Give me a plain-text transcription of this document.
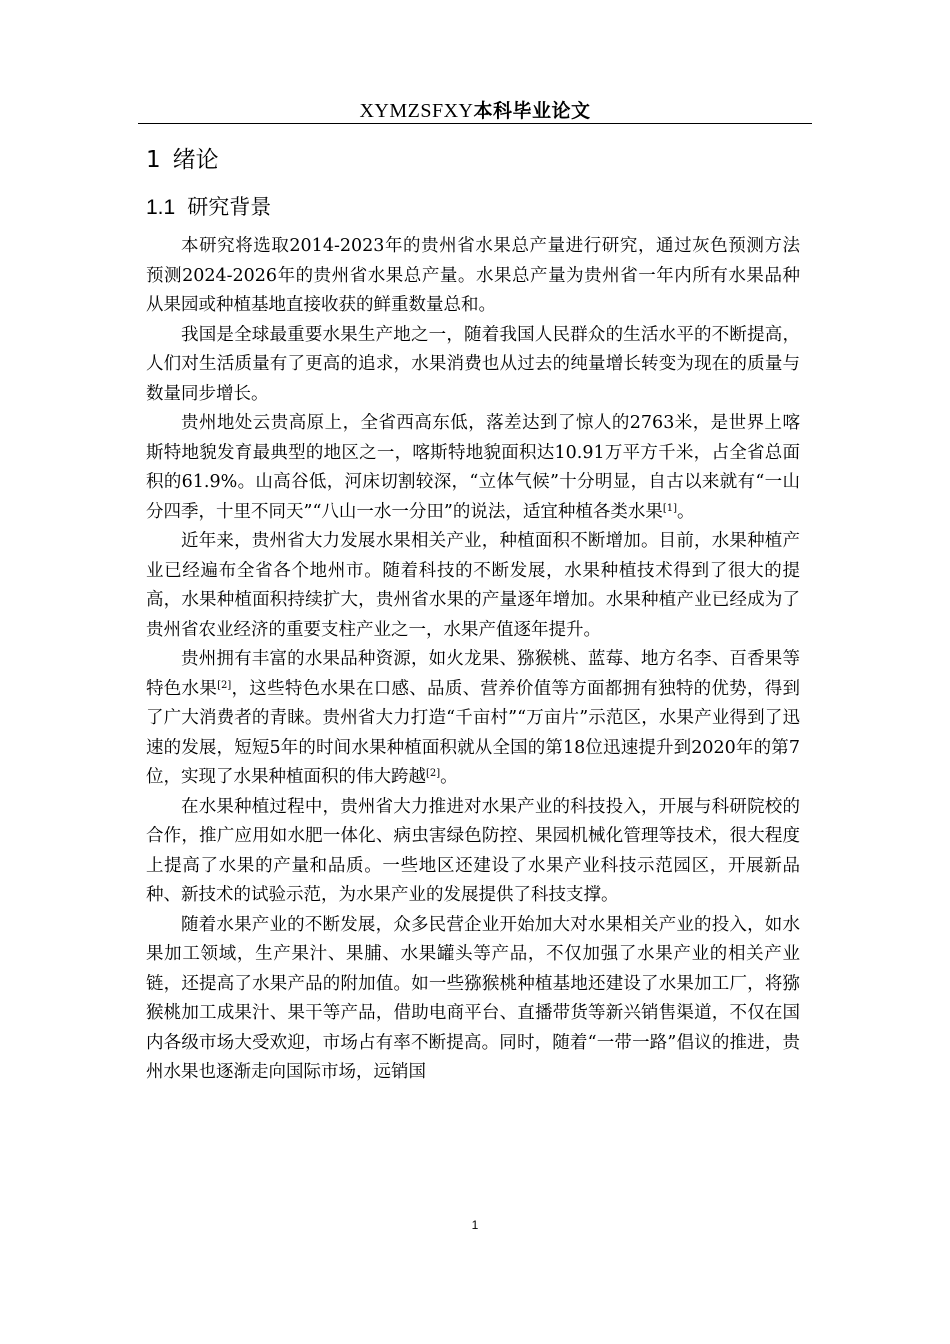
XYMZSFXY本科毕业论文
1 绪论
1.1 研究背景

本研究将选取2014-2023年的贵州省水果总产量进行研究，通过灰色预测方法预测2024-2026年的贵州省水果总产量。水果总产量为贵州省一年内所有水果品种从果园或种植基地直接收获的鲜重数量总和。

我国是全球最重要水果生产地之一，随着我国人民群众的生活水平的不断提高，人们对生活质量有了更高的追求，水果消费也从过去的纯量增长转变为现在的质量与数量同步增长。

贵州地处云贵高原上，全省西高东低，落差达到了惊人的2763米，是世界上喀斯特地貌发育最典型的地区之一，喀斯特地貌面积达10.91万平方千米，占全省总面积的61.9%。山高谷低，河床切割较深，“立体气候”十分明显，自古以来就有“一山分四季，十里不同天”“八山一水一分田”的说法，适宜种植各类水果[1]。

近年来，贵州省大力发展水果相关产业，种植面积不断增加。目前，水果种植产业已经遍布全省各个地州市。随着科技的不断发展，水果种植技术得到了很大的提高，水果种植面积持续扩大，贵州省水果的产量逐年增加。水果种植产业已经成为了贵州省农业经济的重要支柱产业之一，水果产值逐年提升。

贵州拥有丰富的水果品种资源，如火龙果、猕猴桃、蓝莓、地方名李、百香果等特色水果[2]，这些特色水果在口感、品质、营养价值等方面都拥有独特的优势，得到了广大消费者的青睐。贵州省大力打造“千亩村”“万亩片”示范区，水果产业得到了迅速的发展，短短5年的时间水果种植面积就从全国的第18位迅速提升到2020年的第7位，实现了水果种植面积的伟大跨越[2]。

在水果种植过程中，贵州省大力推进对水果产业的科技投入，开展与科研院校的合作，推广应用如水肥一体化、病虫害绿色防控、果园机械化管理等技术，很大程度上提高了水果的产量和品质。一些地区还建设了水果产业科技示范园区，开展新品种、新技术的试验示范，为水果产业的发展提供了科技支撑。

随着水果产业的不断发展，众多民营企业开始加大对水果相关产业的投入，如水果加工领域，生产果汁、果脯、水果罐头等产品，不仅加强了水果产业的相关产业链，还提高了水果产品的附加值。如一些猕猴桃种植基地还建设了水果加工厂，将猕猴桃加工成果汁、果干等产品，借助电商平台、直播带货等新兴销售渠道，不仅在国内各级市场大受欢迎，市场占有率不断提高。同时，随着“一带一路”倡议的推进，贵州水果也逐渐走向国际市场，远销国

1
